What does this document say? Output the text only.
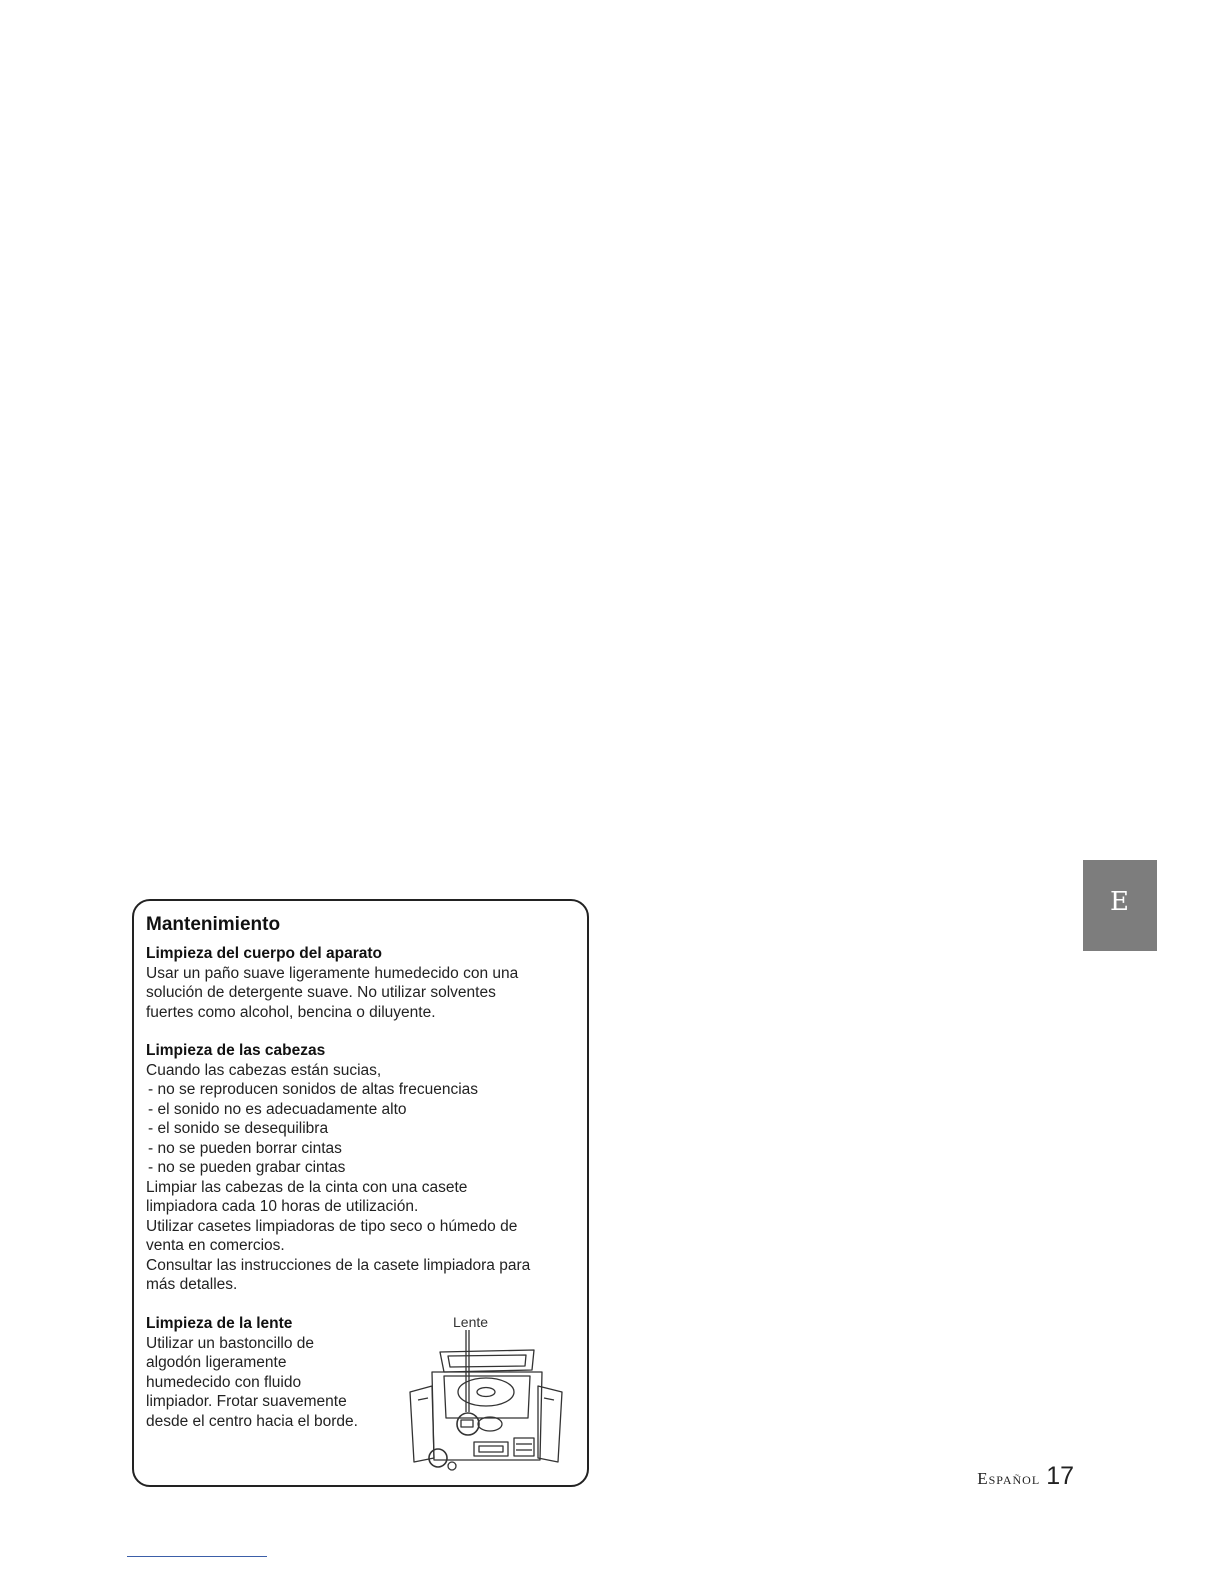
Mantenimiento
Limpieza del cuerpo del aparato
Usar un paño suave ligeramente humedecido con una
solución de detergente suave. No utilizar solventes
fuertes como alcohol, bencina o diluyente.
Limpieza de las cabezas
Cuando las cabezas están sucias,
- no se reproducen sonidos de altas frecuencias
- el sonido no es adecuadamente alto
- el sonido se desequilibra
- no se pueden borrar cintas
- no se pueden grabar cintas
Limpiar las cabezas de la cinta con una casete
limpiadora cada 10 horas de utilización.
Utilizar casetes limpiadoras de tipo seco o húmedo de
venta en comercios.
Consultar las instrucciones de la casete limpiadora para
más detalles.
Limpieza de la lente
Utilizar un bastoncillo de
algodón ligeramente
humedecido con fluido
limpiador. Frotar suavemente
desde el centro hacia el borde.
Lente
E
Español 17
